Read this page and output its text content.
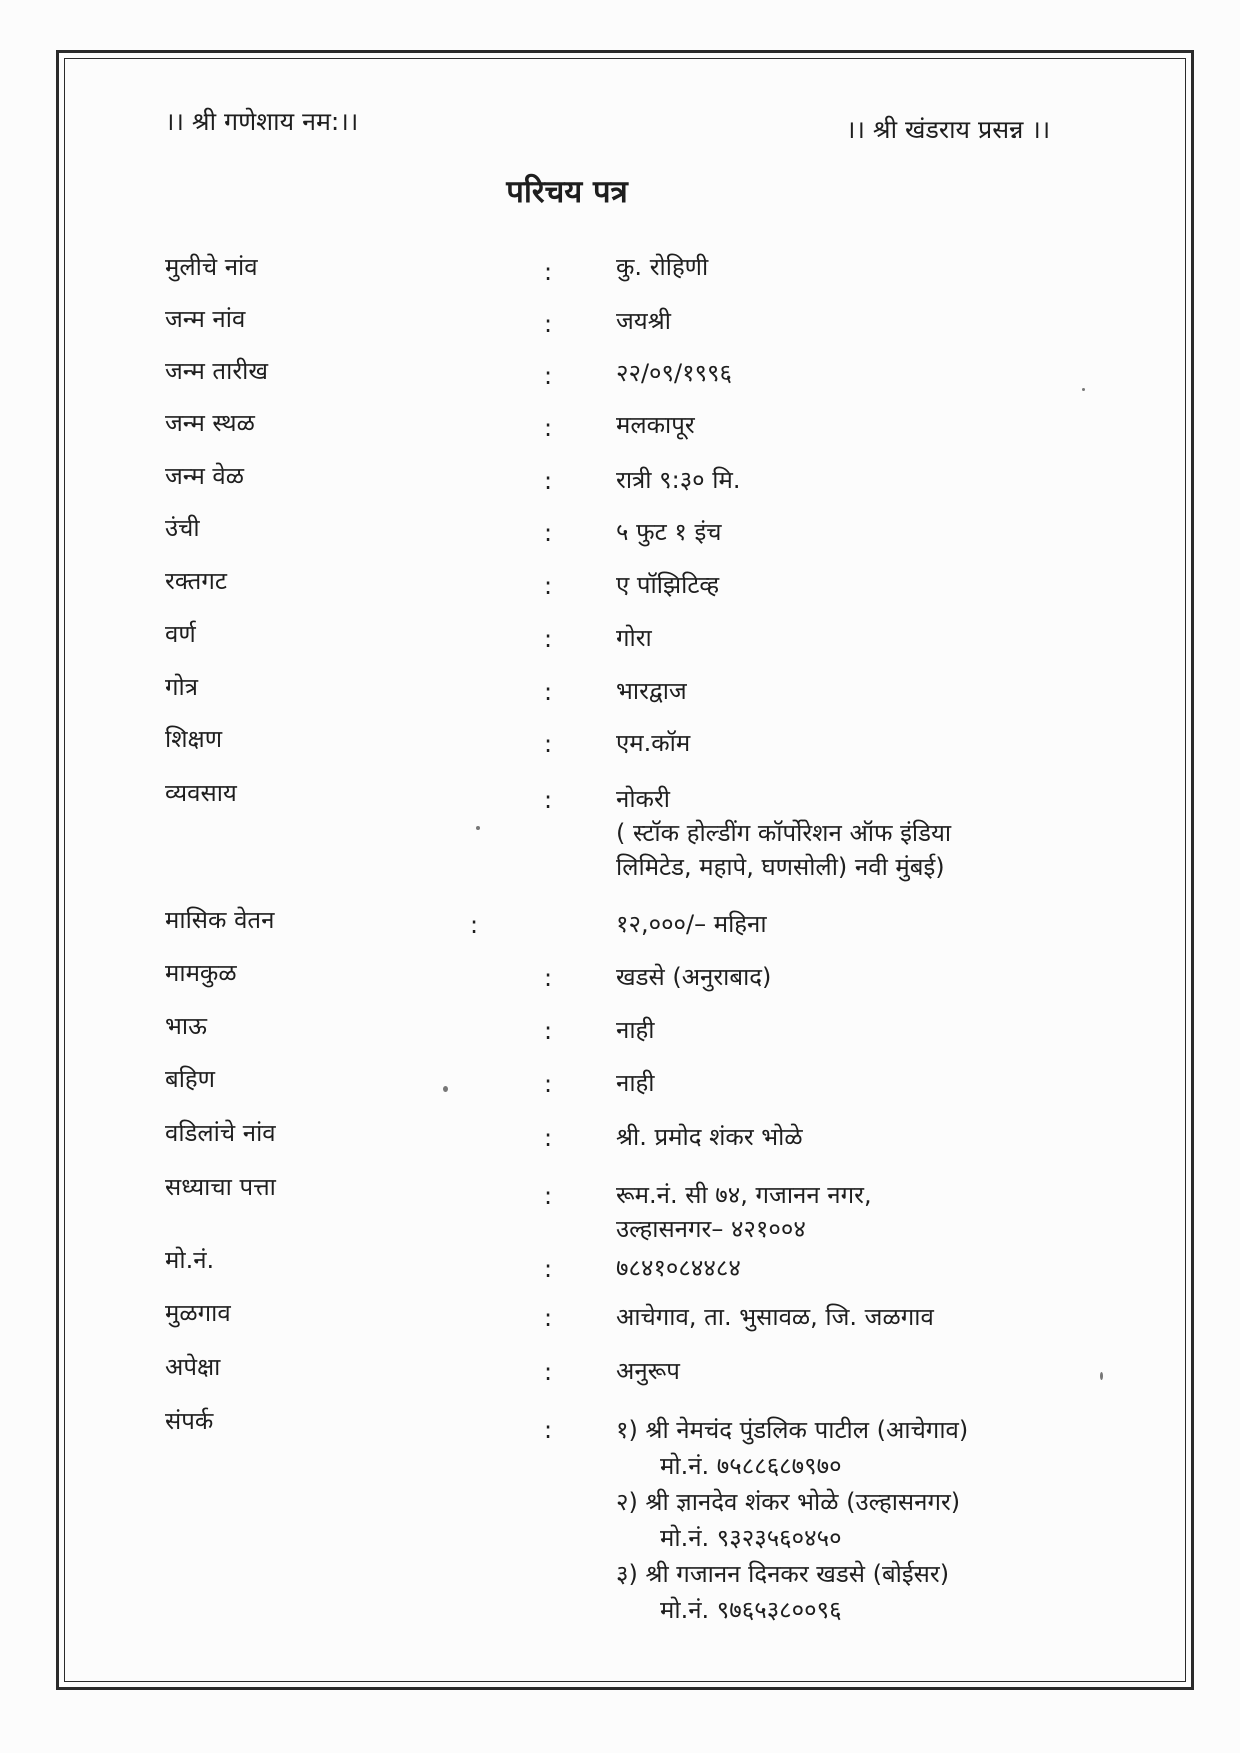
।। श्री गणेशाय नम:।।	।। श्री खंडराय प्रसन्न ।।
परिचय पत्र
मुलीचे नांव	:	कु. रोहिणी
जन्म नांव	:	जयश्री
जन्म तारीख	:	२२/०९/१९९६
जन्म स्थळ	:	मलकापूर
जन्म वेळ	:	रात्री ९:३० मि.
उंची	:	५ फुट १ इंच
रक्तगट	:	ए पॉझिटिव्ह
वर्ण	:	गोरा
गोत्र	:	भारद्वाज
शिक्षण	:	एम.कॉम
व्यवसाय	:	नोकरी
( स्टॉक होल्डींग कॉर्पोरेशन ऑफ इंडिया
लिमिटेड, महापे, घणसोली) नवी मुंबई)
मासिक वेतन	:	१२,०००/– महिना
मामकुळ	:	खडसे (अनुराबाद)
भाऊ	:	नाही
बहिण	:	नाही
वडिलांचे नांव	:	श्री. प्रमोद शंकर भोळे
सध्याचा पत्ता	:	रूम.नं. सी ७४, गजानन नगर,
उल्हासनगर– ४२१००४
मो.नं.	:	७८४१०८४४८४
मुळगाव	:	आचेगाव, ता. भुसावळ, जि. जळगाव
अपेक्षा	:	अनुरूप
संपर्क	:	१) श्री नेमचंद पुंडलिक पाटील (आचेगाव)
मो.नं. ७५८८६८७९७०
२) श्री ज्ञानदेव शंकर भोळे (उल्हासनगर)
मो.नं. ९३२३५६०४५०
३) श्री गजानन दिनकर खडसे (बोईसर)
मो.नं. ९७६५३८००९६
